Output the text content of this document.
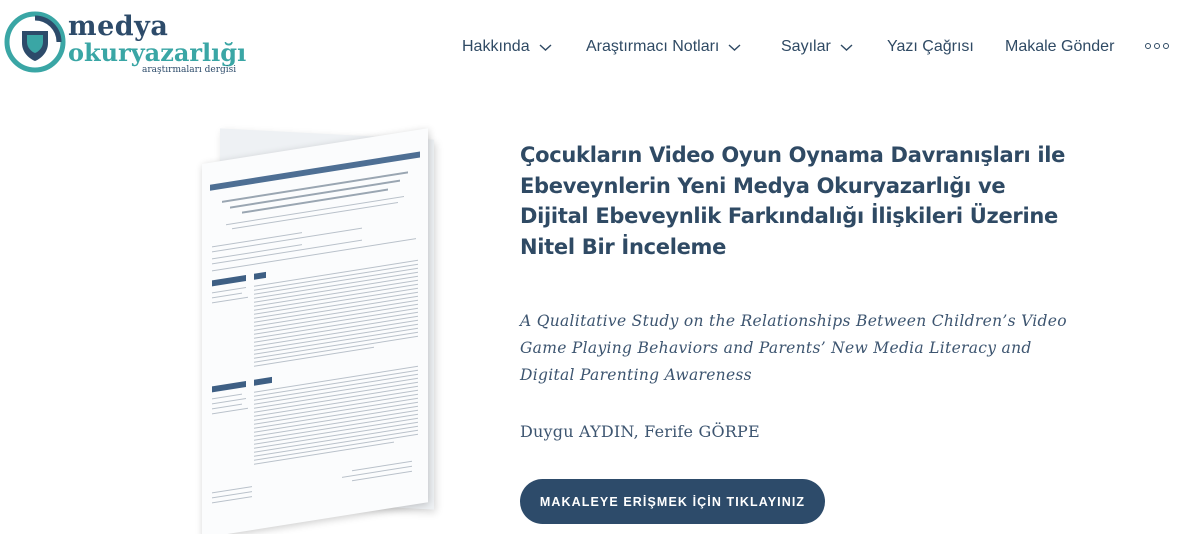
medya
okuryazarlığı
araştırmaları dergisi
Hakkında	Araştırmacı Notları	Sayılar	Yazı Çağrısı Makale Gönder
Çocukların Video Oyun Oynama Davranışları ile Ebeveynlerin Yeni Medya Okuryazarlığı ve Dijital Ebeveynlik Farkındalığı İlişkileri Üzerine Nitel Bir İnceleme

A Qualitative Study on the Relationships Between Children’s Video Game Playing Behaviors and Parents’ New Media Literacy and Digital Parenting Awareness

Duygu AYDIN, Ferife GÖRPE

MAKALEYE ERİŞMEK İÇİN TIKLAYINIZ
